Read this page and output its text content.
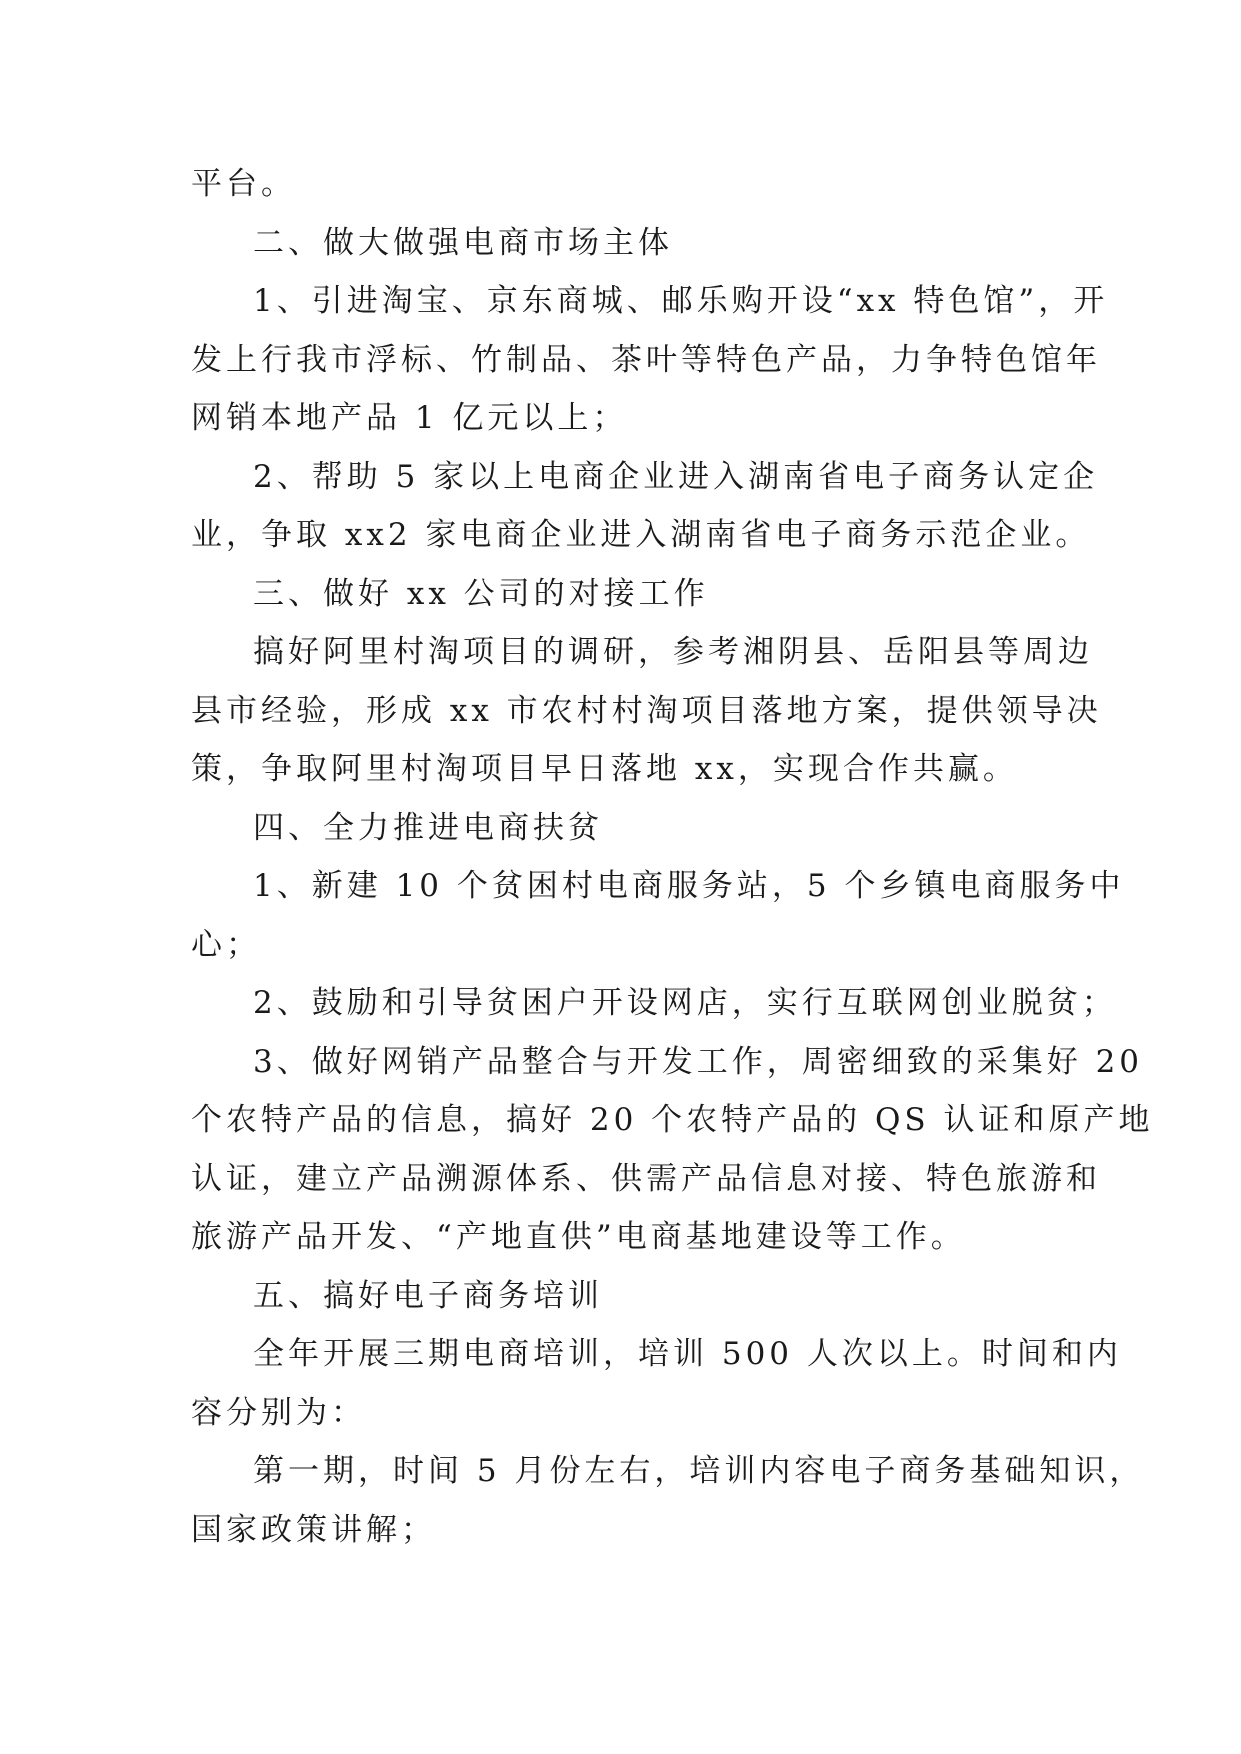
平台。

二、做大做强电商市场主体

1、引进淘宝、京东商城、邮乐购开设“xx 特色馆”，开

发上行我市浮标、竹制品、茶叶等特色产品，力争特色馆年

网销本地产品 1 亿元以上；

2、帮助 5 家以上电商企业进入湖南省电子商务认定企

业，争取 xx2 家电商企业进入湖南省电子商务示范企业。

三、做好 xx 公司的对接工作

搞好阿里村淘项目的调研，参考湘阴县、岳阳县等周边

县市经验，形成 xx 市农村村淘项目落地方案，提供领导决

策，争取阿里村淘项目早日落地 xx，实现合作共赢。

四、全力推进电商扶贫

1、新建 10 个贫困村电商服务站，5 个乡镇电商服务中

心；

2、鼓励和引导贫困户开设网店，实行互联网创业脱贫；

3、做好网销产品整合与开发工作，周密细致的采集好 20

个农特产品的信息，搞好 20 个农特产品的 QS 认证和原产地

认证，建立产品溯源体系、供需产品信息对接、特色旅游和

旅游产品开发、“产地直供”电商基地建设等工作。

五、搞好电子商务培训

全年开展三期电商培训，培训 500 人次以上。时间和内

容分别为：

第一期，时间 5 月份左右，培训内容电子商务基础知识，

国家政策讲解；
